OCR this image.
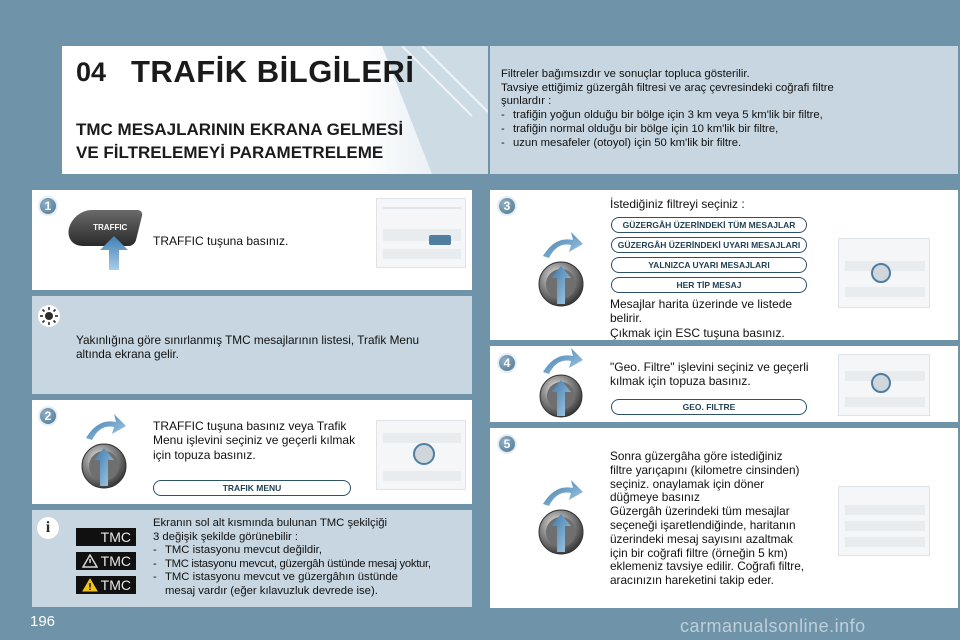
04 TRAFİK BİLGİLERİ
TMC MESAJLARININ EKRANA GELMESİ
VE FİLTRELEMEYİ PARAMETRELEME
Filtreler bağımsızdır ve sonuçlar topluca gösterilir.
Tavsiye ettiğimiz güzergâh filtresi ve araç çevresindeki coğrafi filtre
şunlardır :
- trafiğin yoğun olduğu bir bölge için 3 km veya 5 km'lik bir filtre,
- trafiğin normal olduğu bir bölge için 10 km'lik bir filtre,
- uzun mesafeler (otoyol) için 50 km'lik bir filtre.
1
TRAFFIC
TRAFFIC tuşuna basınız.
Yakınlığına göre sınırlanmış TMC mesajlarının listesi, Trafik Menu
altında ekrana gelir.
2
TRAFFIC tuşuna basınız veya Trafik
Menu işlevini seçiniz ve geçerli kılmak
için topuza basınız.
TRAFIK MENU
i
TMC
TMC
TMC
Ekranın sol alt kısmında bulunan TMC şekilçiği
3 değişik şekilde görünebilir :
- TMC istasyonu mevcut değildir,
- TMC istasyonu mevcut, güzergâh üstünde mesaj yoktur,
- TMC istasyonu mevcut ve güzergâhın üstünde
mesaj vardır (eğer kılavuzluk devrede ise).
3	İstediğiniz filtreyi seçiniz :
GÜZERGÂH ÜZERİNDEKİ TÜM MESAJLAR
GÜZERGÂH ÜZERİNDEKİ UYARI MESAJLARI
YALNIZCA UYARI MESAJLARI
HER TİP MESAJ
Mesajlar harita üzerinde ve listede
belirir.
Çıkmak için ESC tuşuna basınız.
4	"Geo. Filtre" işlevini seçiniz ve geçerli
kılmak için topuza basınız.
GEO. FILTRE
5
Sonra güzergâha göre istediğiniz
filtre yarıçapını (kilometre cinsinden)
seçiniz. onaylamak için döner
düğmeye basınız
Güzergâh üzerindeki tüm mesajlar
seçeneği işaretlendiğinde, haritanın
üzerindeki mesaj sayısını azaltmak
için bir coğrafi filtre (örneğin 5 km)
eklemeniz tavsiye edilir. Coğrafi filtre,
aracınızın hareketini takip eder.
196	carmanualsonline.info
